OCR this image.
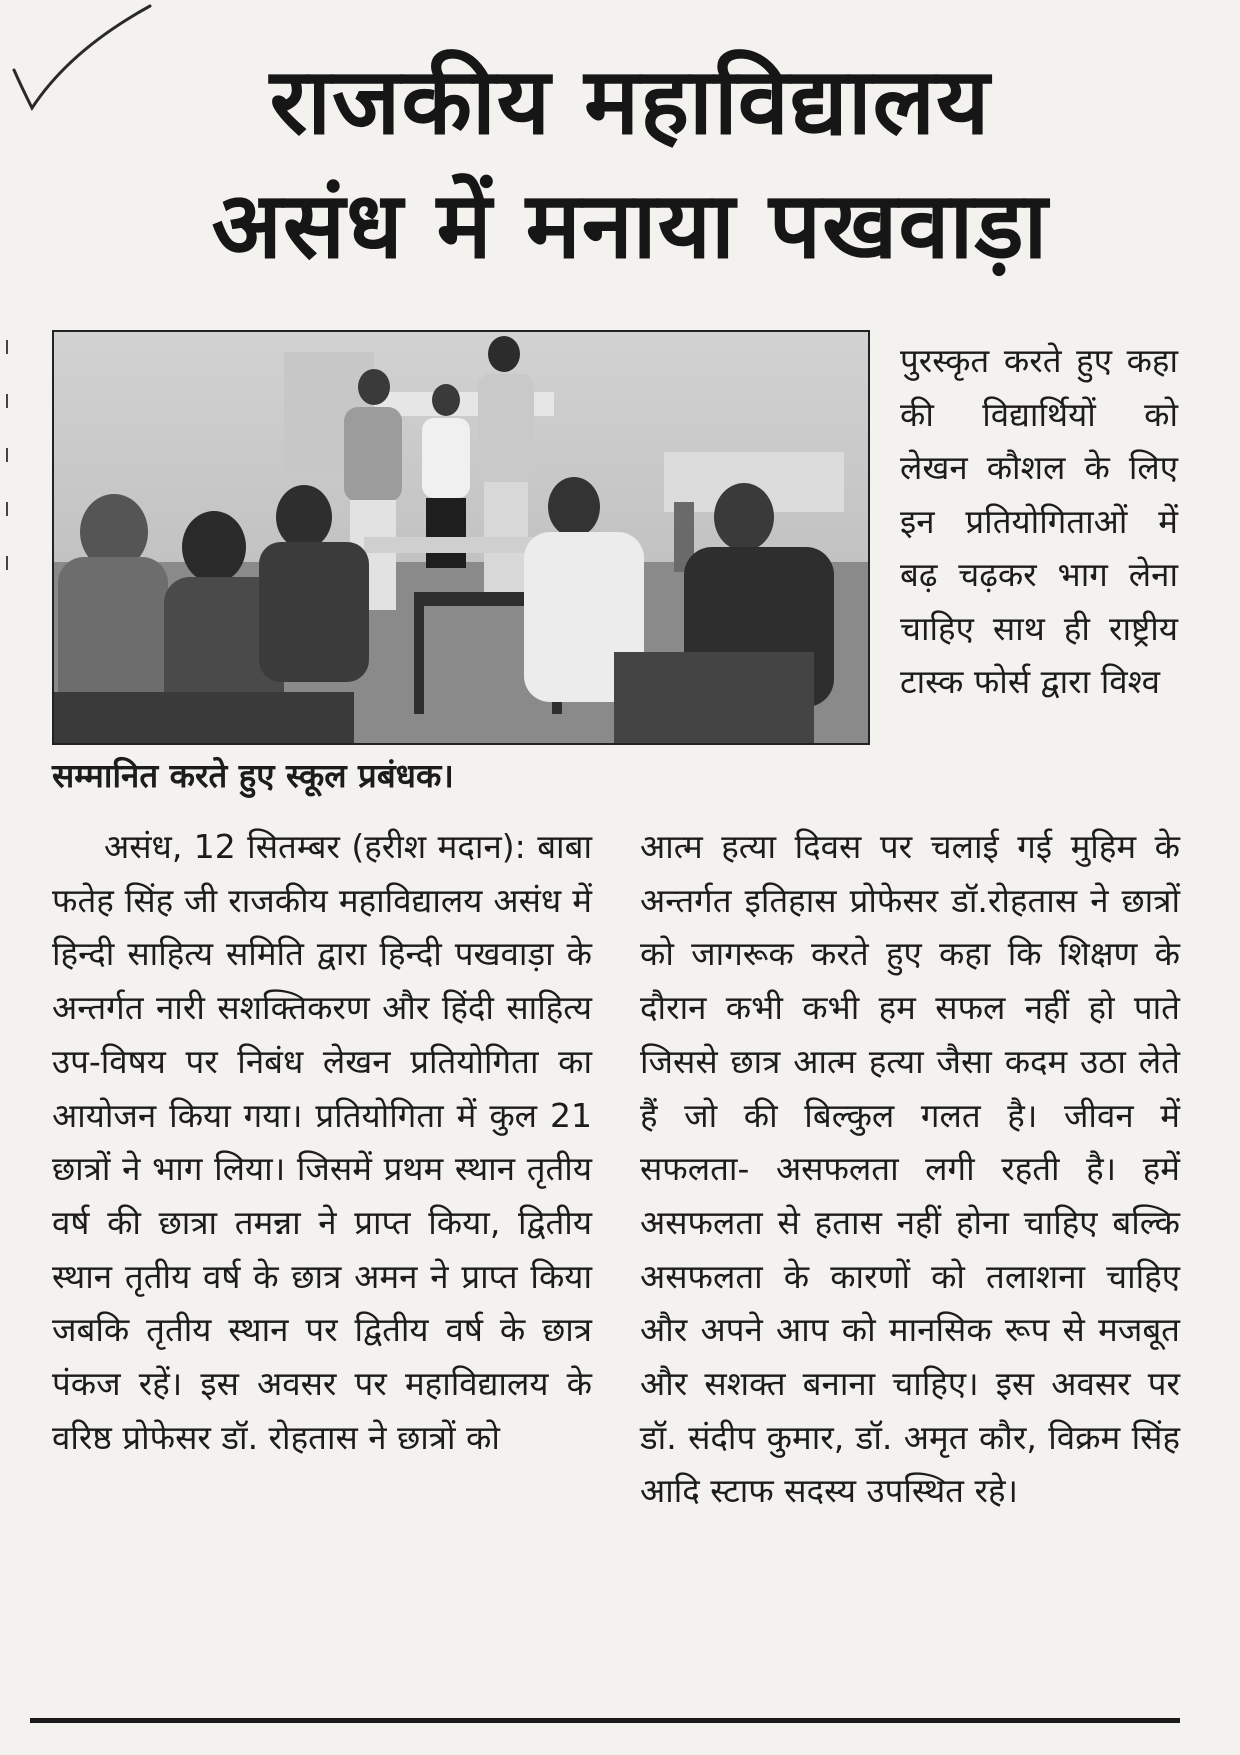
राजकीय महाविद्यालय
असंध में मनाया पखवाड़ा
सम्मानित करते हुए स्कूल प्रबंधक।
पुरस्कृत करते हुए कहा की विद्यार्थियों को लेखन कौशल के लिए इन प्रतियोगिताओं में बढ़ चढ़कर भाग लेना चाहिए साथ ही राष्ट्रीय टास्क फोर्स द्वारा विश्व

असंध, 12 सितम्बर (हरीश मदान): बाबा फतेह सिंह जी राजकीय महाविद्यालय असंध में हिन्दी साहित्य समिति द्वारा हिन्दी पखवाड़ा के अन्तर्गत नारी सशक्तिकरण और हिंदी साहित्य उप-विषय पर निबंध लेखन प्रतियोगिता का आयोजन किया गया। प्रतियोगिता में कुल 21 छात्रों ने भाग लिया। जिसमें प्रथम स्थान तृतीय वर्ष की छात्रा तमन्ना ने प्राप्त किया, द्वितीय स्थान तृतीय वर्ष के छात्र अमन ने प्राप्त किया जबकि तृतीय स्थान पर द्वितीय वर्ष के छात्र पंकज रहें। इस अवसर पर महाविद्यालय के वरिष्ठ प्रोफेसर डॉ. रोहतास ने छात्रों को

आत्म हत्या दिवस पर चलाई गई मुहिम के अन्तर्गत इतिहास प्रोफेसर डॉ.रोहतास ने छात्रों को जागरूक करते हुए कहा कि शिक्षण के दौरान कभी कभी हम सफल नहीं हो पाते जिससे छात्र आत्म हत्या जैसा कदम उठा लेते हैं जो की बिल्कुल गलत है। जीवन में सफलता- असफलता लगी रहती है। हमें असफलता से हतास नहीं होना चाहिए बल्कि असफलता के कारणों को तलाशना चाहिए और अपने आप को मानसिक रूप से मजबूत और सशक्त बनाना चाहिए। इस अवसर पर डॉ. संदीप कुमार, डॉ. अमृत कौर, विक्रम सिंह आदि स्टाफ सदस्य उपस्थित रहे।
